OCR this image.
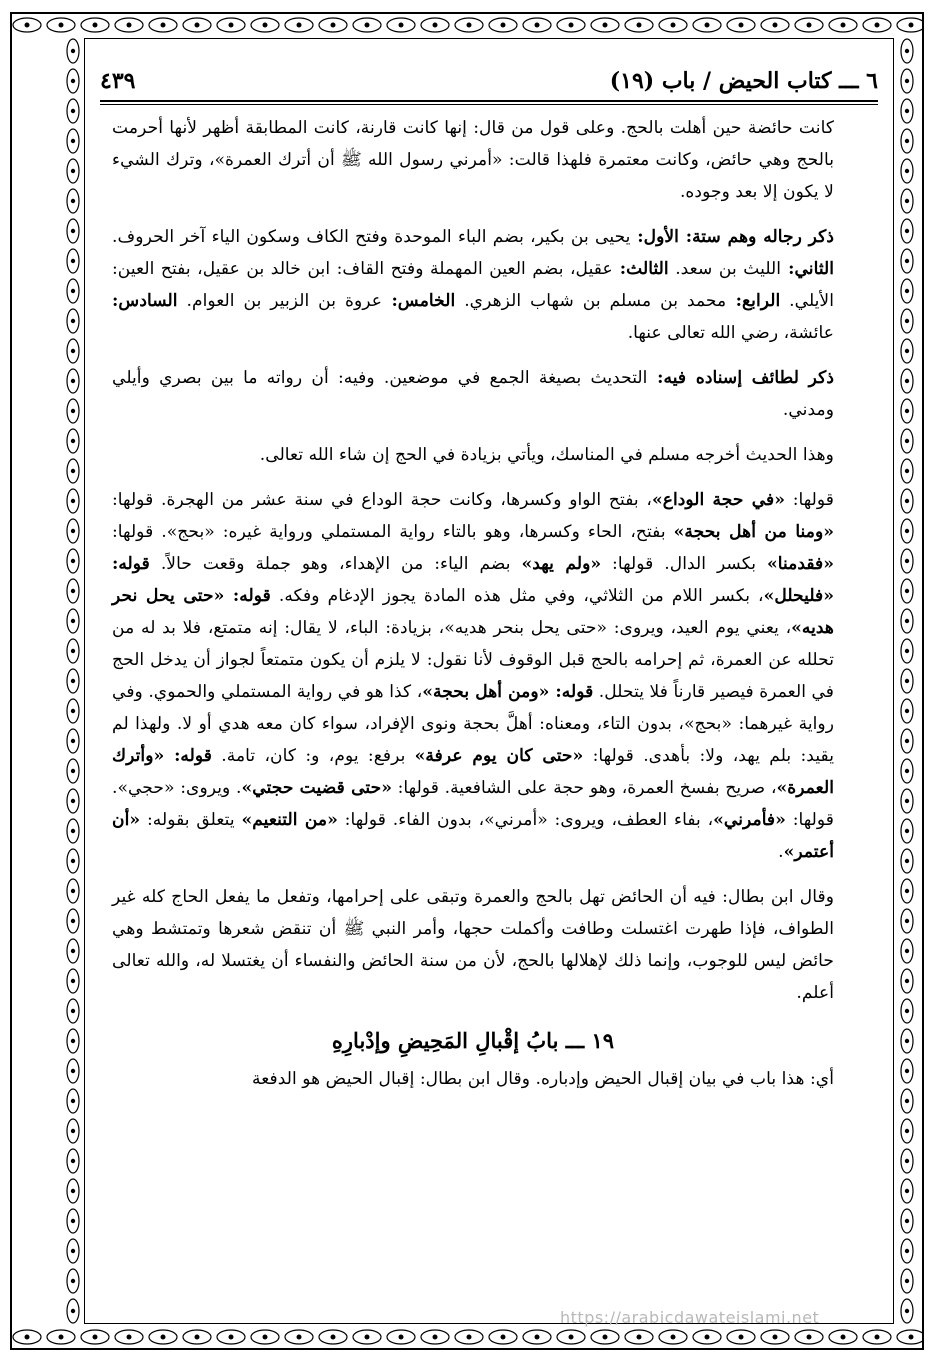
٦ ـــ كتاب الحيض / باب (١٩)
٤٣٩

كانت حائضة حين أهلت بالحج. وعلى قول من قال: إنها كانت قارنة، كانت المطابقة أظهر لأنها أحرمت بالحج وهي حائض، وكانت معتمرة فلهذا قالت: «أمرني رسول الله ﷺ أن أترك العمرة»، وترك الشيء لا يكون إلا بعد وجوده.

ذكر رجاله وهم ستة: الأول: يحيى بن بكير، بضم الباء الموحدة وفتح الكاف وسكون الياء آخر الحروف. الثاني: الليث بن سعد. الثالث: عقيل، بضم العين المهملة وفتح القاف: ابن خالد بن عقيل، بفتح العين: الأيلي. الرابع: محمد بن مسلم بن شهاب الزهري. الخامس: عروة بن الزبير بن العوام. السادس: عائشة، رضي الله تعالى عنها.

ذكر لطائف إسناده فيه: التحديث بصيغة الجمع في موضعين. وفيه: أن رواته ما بين بصري وأيلي ومدني.

وهذا الحديث أخرجه مسلم في المناسك، ويأتي بزيادة في الحج إن شاء الله تعالى.

قولها: «في حجة الوداع»، بفتح الواو وكسرها، وكانت حجة الوداع في سنة عشر من الهجرة. قولها: «ومنا من أهل بحجة» بفتح، الحاء وكسرها، وهو بالتاء رواية المستملي ورواية غيره: «بحج». قولها: «فقدمنا» بكسر الدال. قولها: «ولم يهد» بضم الياء: من الإهداء، وهو جملة وقعت حالاً. قوله: «فليحلل»، بكسر اللام من الثلاثي، وفي مثل هذه المادة يجوز الإدغام وفكه. قوله: «حتى يحل نحر هديه»، يعني يوم العيد، ويروى: «حتى يحل بنحر هديه»، بزيادة: الباء، لا يقال: إنه متمتع، فلا بد له من تحلله عن العمرة، ثم إحرامه بالحج قبل الوقوف لأنا نقول: لا يلزم أن يكون متمتعاً لجواز أن يدخل الحج في العمرة فيصير قارناً فلا يتحلل. قوله: «ومن أهل بحجة»، كذا هو في رواية المستملي والحموي. وفي رواية غيرهما: «بحج»، بدون التاء، ومعناه: أهلَّ بحجة ونوى الإفراد، سواء كان معه هدي أو لا. ولهذا لم يقيد: بلم يهد، ولا: بأهدى. قولها: «حتى كان يوم عرفة» برفع: يوم، و: كان، تامة. قوله: «وأترك العمرة»، صريح بفسخ العمرة، وهو حجة على الشافعية. قولها: «حتى قضيت حجتي». ويروى: «حجي». قولها: «فأمرني»، بفاء العطف، ويروى: «أمرني»، بدون الفاء. قولها: «من التنعيم» يتعلق بقوله: «أن أعتمر».

وقال ابن بطال: فيه أن الحائض تهل بالحج والعمرة وتبقى على إحرامها، وتفعل ما يفعل الحاج كله غير الطواف، فإذا طهرت اغتسلت وطافت وأكملت حجها، وأمر النبي ﷺ أن تنقض شعرها وتمتشط وهي حائض ليس للوجوب، وإنما ذلك لإهلالها بالحج، لأن من سنة الحائض والنفساء أن يغتسلا له، والله تعالى أعلم.

١٩ ـــ بابُ إقْبالِ المَحِيضِ وإدْبارِهِ

أي: هذا باب في بيان إقبال الحيض وإدباره. وقال ابن بطال: إقبال الحيض هو الدفعة

https://arabicdawateislami.net
